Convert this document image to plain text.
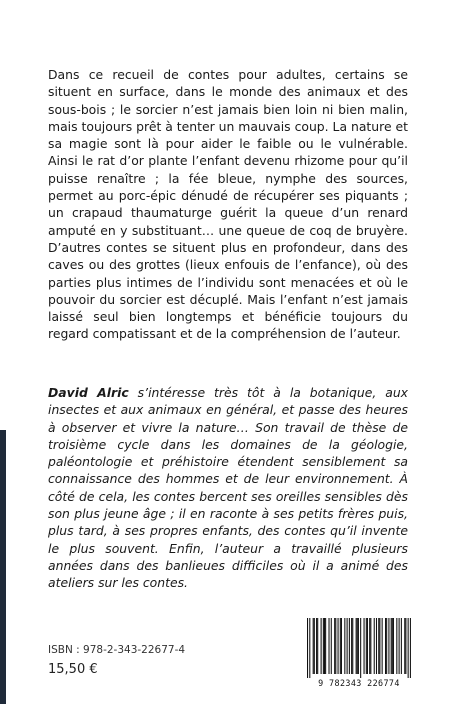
Dans ce recueil de contes pour adultes, certains se situent en surface, dans le monde des animaux et des sous-bois ; le sorcier n’est jamais bien loin ni bien malin, mais toujours prêt à tenter un mauvais coup. La nature et sa magie sont là pour aider le faible ou le vulnérable. Ainsi le rat d’or plante l’enfant devenu rhizome pour qu’il puisse renaître ; la fée bleue, nymphe des sources, permet au porc-épic dénudé de récupérer ses piquants ; un crapaud thaumaturge guérit la queue d’un renard amputé en y substituant… une queue de coq de bruyère. D’autres contes se situent plus en profondeur, dans des caves ou des grottes (lieux enfouis de l’enfance), où des parties plus intimes de l’individu sont menacées et où le pouvoir du sorcier est décuplé. Mais l’enfant n’est jamais laissé seul bien longtemps et bénéficie toujours du regard compatissant et de la compréhension de l’auteur.

David Alric s’intéresse très tôt à la botanique, aux insectes et aux animaux en général, et passe des heures à observer et vivre la nature… Son travail de thèse de troisième cycle dans les domaines de la géologie, paléontologie et préhistoire étendent sensiblement sa connaissance des hommes et de leur environnement. À côté de cela, les contes bercent ses oreilles sensibles dès son plus jeune âge ; il en raconte à ses petits frères puis, plus tard, à ses propres enfants, des contes qu’il invente le plus souvent. Enfin, l’auteur a travaillé plusieurs années dans des banlieues difficiles où il a animé des ateliers sur les contes.

ISBN : 978-2-343-22677-4
15,50 €
9 782343 226774
